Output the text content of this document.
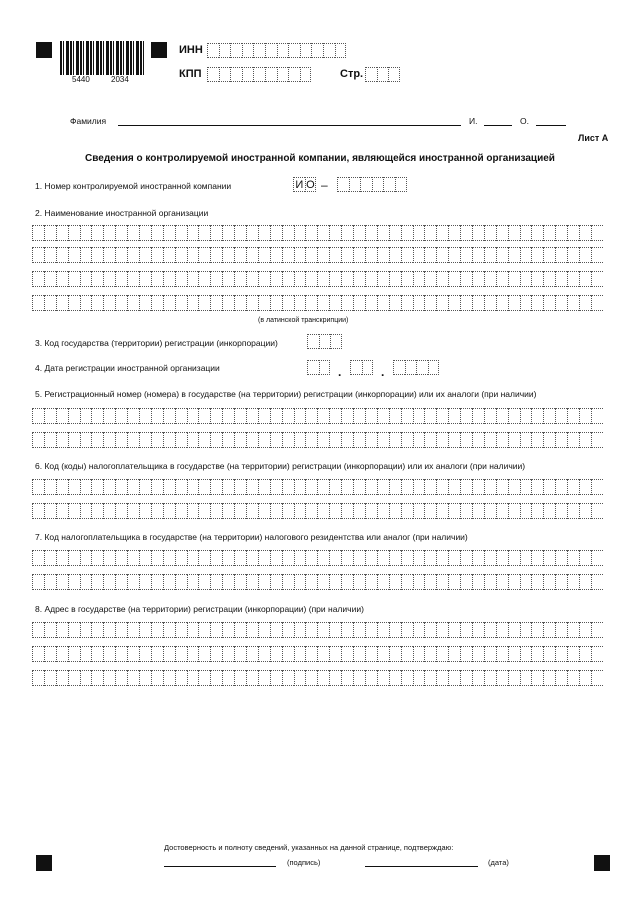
5440	2034
ИНН
КПП	Стр.
Фамилия	И.	О.
Лист А
Сведения о контролируемой иностранной компании, являющейся иностранной организацией
1. Номер контролируемой иностранной компании	И О –
2. Наименование иностранной организации
(в латинской транскрипции)
3. Код государства (территории) регистрации (инкорпорации)
4. Дата регистрации иностранной организации	.	.
5. Регистрационный номер (номера) в государстве (на территории) регистрации (инкорпорации) или их аналоги (при наличии)
6. Код (коды) налогоплательщика в государстве (на территории) регистрации (инкорпорации) или их аналоги (при наличии)
7. Код налогоплательщика в государстве (на территории) налогового резидентства или аналог (при наличии)
8. Адрес в государстве (на территории) регистрации (инкорпорации) (при наличии)
Достоверность и полноту сведений, указанных на данной странице, подтверждаю:
(подпись)	(дата)
